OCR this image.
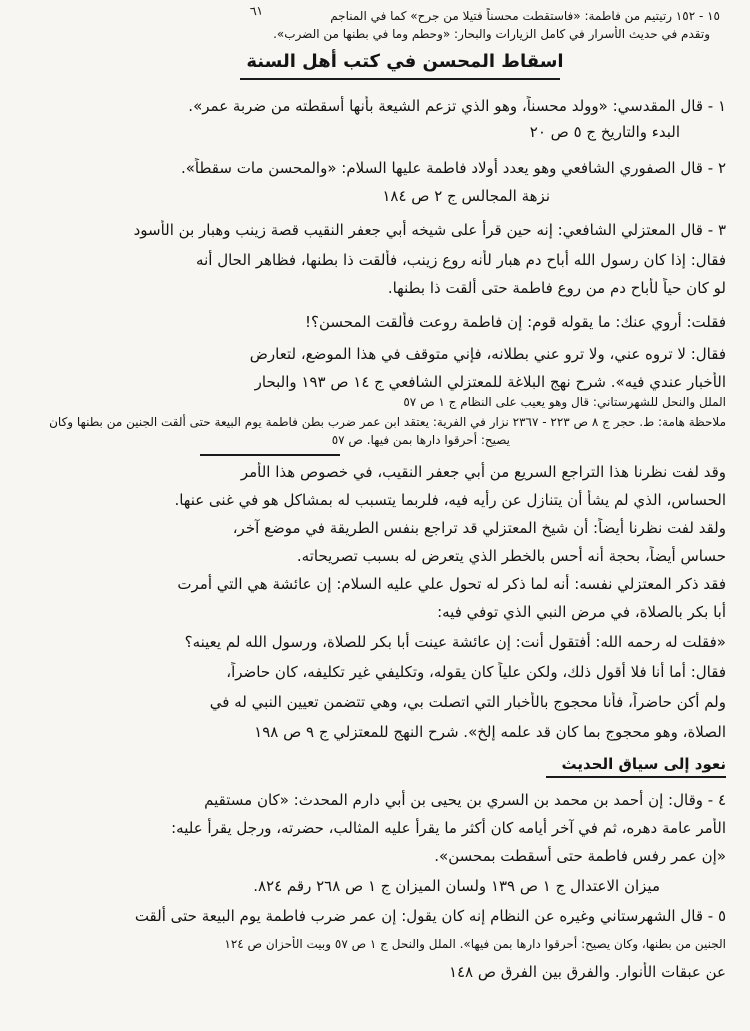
١٥ - ١٥٢ رتيتيم من فاطمة: «فاستقطت محسناً فتيلا من جرح» كما في المناجم
وتقدم في حديث الأسرار في كامل الزيارات والبحار: «وحطم وما في بطنها من الضرب».
٦١
اسقاط المحسن في كتب أهل السنة
١ - قال المقدسي: «وولد محسناً، وهو الذي تزعم الشيعة بأنها أسقطته من ضربة عمر».
البدء والتاريخ ج ٥ ص ٢٠
٢ - قال الصفوري الشافعي وهو يعدد أولاد فاطمة عليها السلام: «والمحسن مات سقطاً».
نزهة المجالس ج ٢ ص ١٨٤
٣ - قال المعتزلي الشافعي: إنه حين قرأ على شيخه أبي جعفر النقيب قصة زينب وهبار بن الأسود
فقال: إذا كان رسول الله أباح دم هبار لأنه روع زينب، فألقت ذا بطنها، فظاهر الحال أنه
لو كان حياً لأباح دم من روع فاطمة حتى ألقت ذا بطنها.
فقلت: أروي عنك: ما يقوله قوم: إن فاطمة روعت فألقت المحسن؟!
فقال: لا تروه عني، ولا ترو عني بطلانه، فإني متوقف في هذا الموضع، لتعارض
الأخبار عندي فيه». شرح نهج البلاغة للمعتزلي الشافعي ج ١٤ ص ١٩٣ والبحار
الملل والنحل للشهرستاني: قال وهو يعيب على النظام ج ١ ص ٥٧
ملاحظة هامة: ط. حجر ج ٨ ص ٢٢٣ - ٢٣٦٧ نزار في الفرية: يعتقد ابن عمر ضرب بطن فاطمة يوم البيعة حتى ألقت الجنين من بطنها وكان
يصيح: أحرقوا دارها بمن فيها. ص ٥٧
وقد لفت نظرنا هذا التراجع السريع من أبي جعفر النقيب، في خصوص هذا الأمر
الحساس، الذي لم يشأ أن يتنازل عن رأيه فيه، فلربما يتسبب له بمشاكل هو في غنى عنها.
ولقد لفت نظرنا أيضاً: أن شيخ المعتزلي قد تراجع بنفس الطريقة في موضع آخر،
حساسٍ أيضاً، بحجة أنه أحس بالخطر الذي يتعرض له بسبب تصريحاته.
فقد ذكر المعتزلي نفسه: أنه لما ذكر له تحول علي عليه السلام: إن عائشة هي التي أمرت
أبا بكر بالصلاة، في مرض النبي الذي توفي فيه:
«فقلت له رحمه الله: أفتقول أنت: إن عائشة عينت أبا بكر للصلاة، ورسول الله لم يعينه؟
فقال: أما أنا فلا أقول ذلك، ولكن علياً كان يقوله، وتكليفي غير تكليفه، كان حاضراً،
ولم أكن حاضراً، فأنا محجوج بالأخبار التي اتصلت بي، وهي تتضمن تعيين النبي له في
الصلاة، وهو محجوج بما كان قد علمه إلخ». شرح النهج للمعتزلي ج ٩ ص ١٩٨
نعود إلى سياق الحديث
٤ - وقال: إن أحمد بن محمد بن السري بن يحيى بن أبي دارم المحدث: «كان مستقيم
الأمر عامة دهره، ثم في آخر أيامه كان أكثر ما يقرأ عليه المثالب، حضرته، ورجل يقرأ عليه:
«إن عمر رفس فاطمة حتى أسقطت بمحسن».
ميزان الاعتدال ج ١ ص ١٣٩ ولسان الميزان ج ١ ص ٢٦٨ رقم ٨٢٤.
٥ - قال الشهرستاني وغيره عن النظام إنه كان يقول: إن عمر ضرب فاطمة يوم البيعة حتى ألقت
الجنين من بطنها، وكان يصيح: أحرقوا دارها بمن فيها». الملل والنحل ج ١ ص ٥٧ وبيت الأحزان ص ١٢٤
عن عبقات الأنوار. والفرق بين الفرق ص ١٤٨
